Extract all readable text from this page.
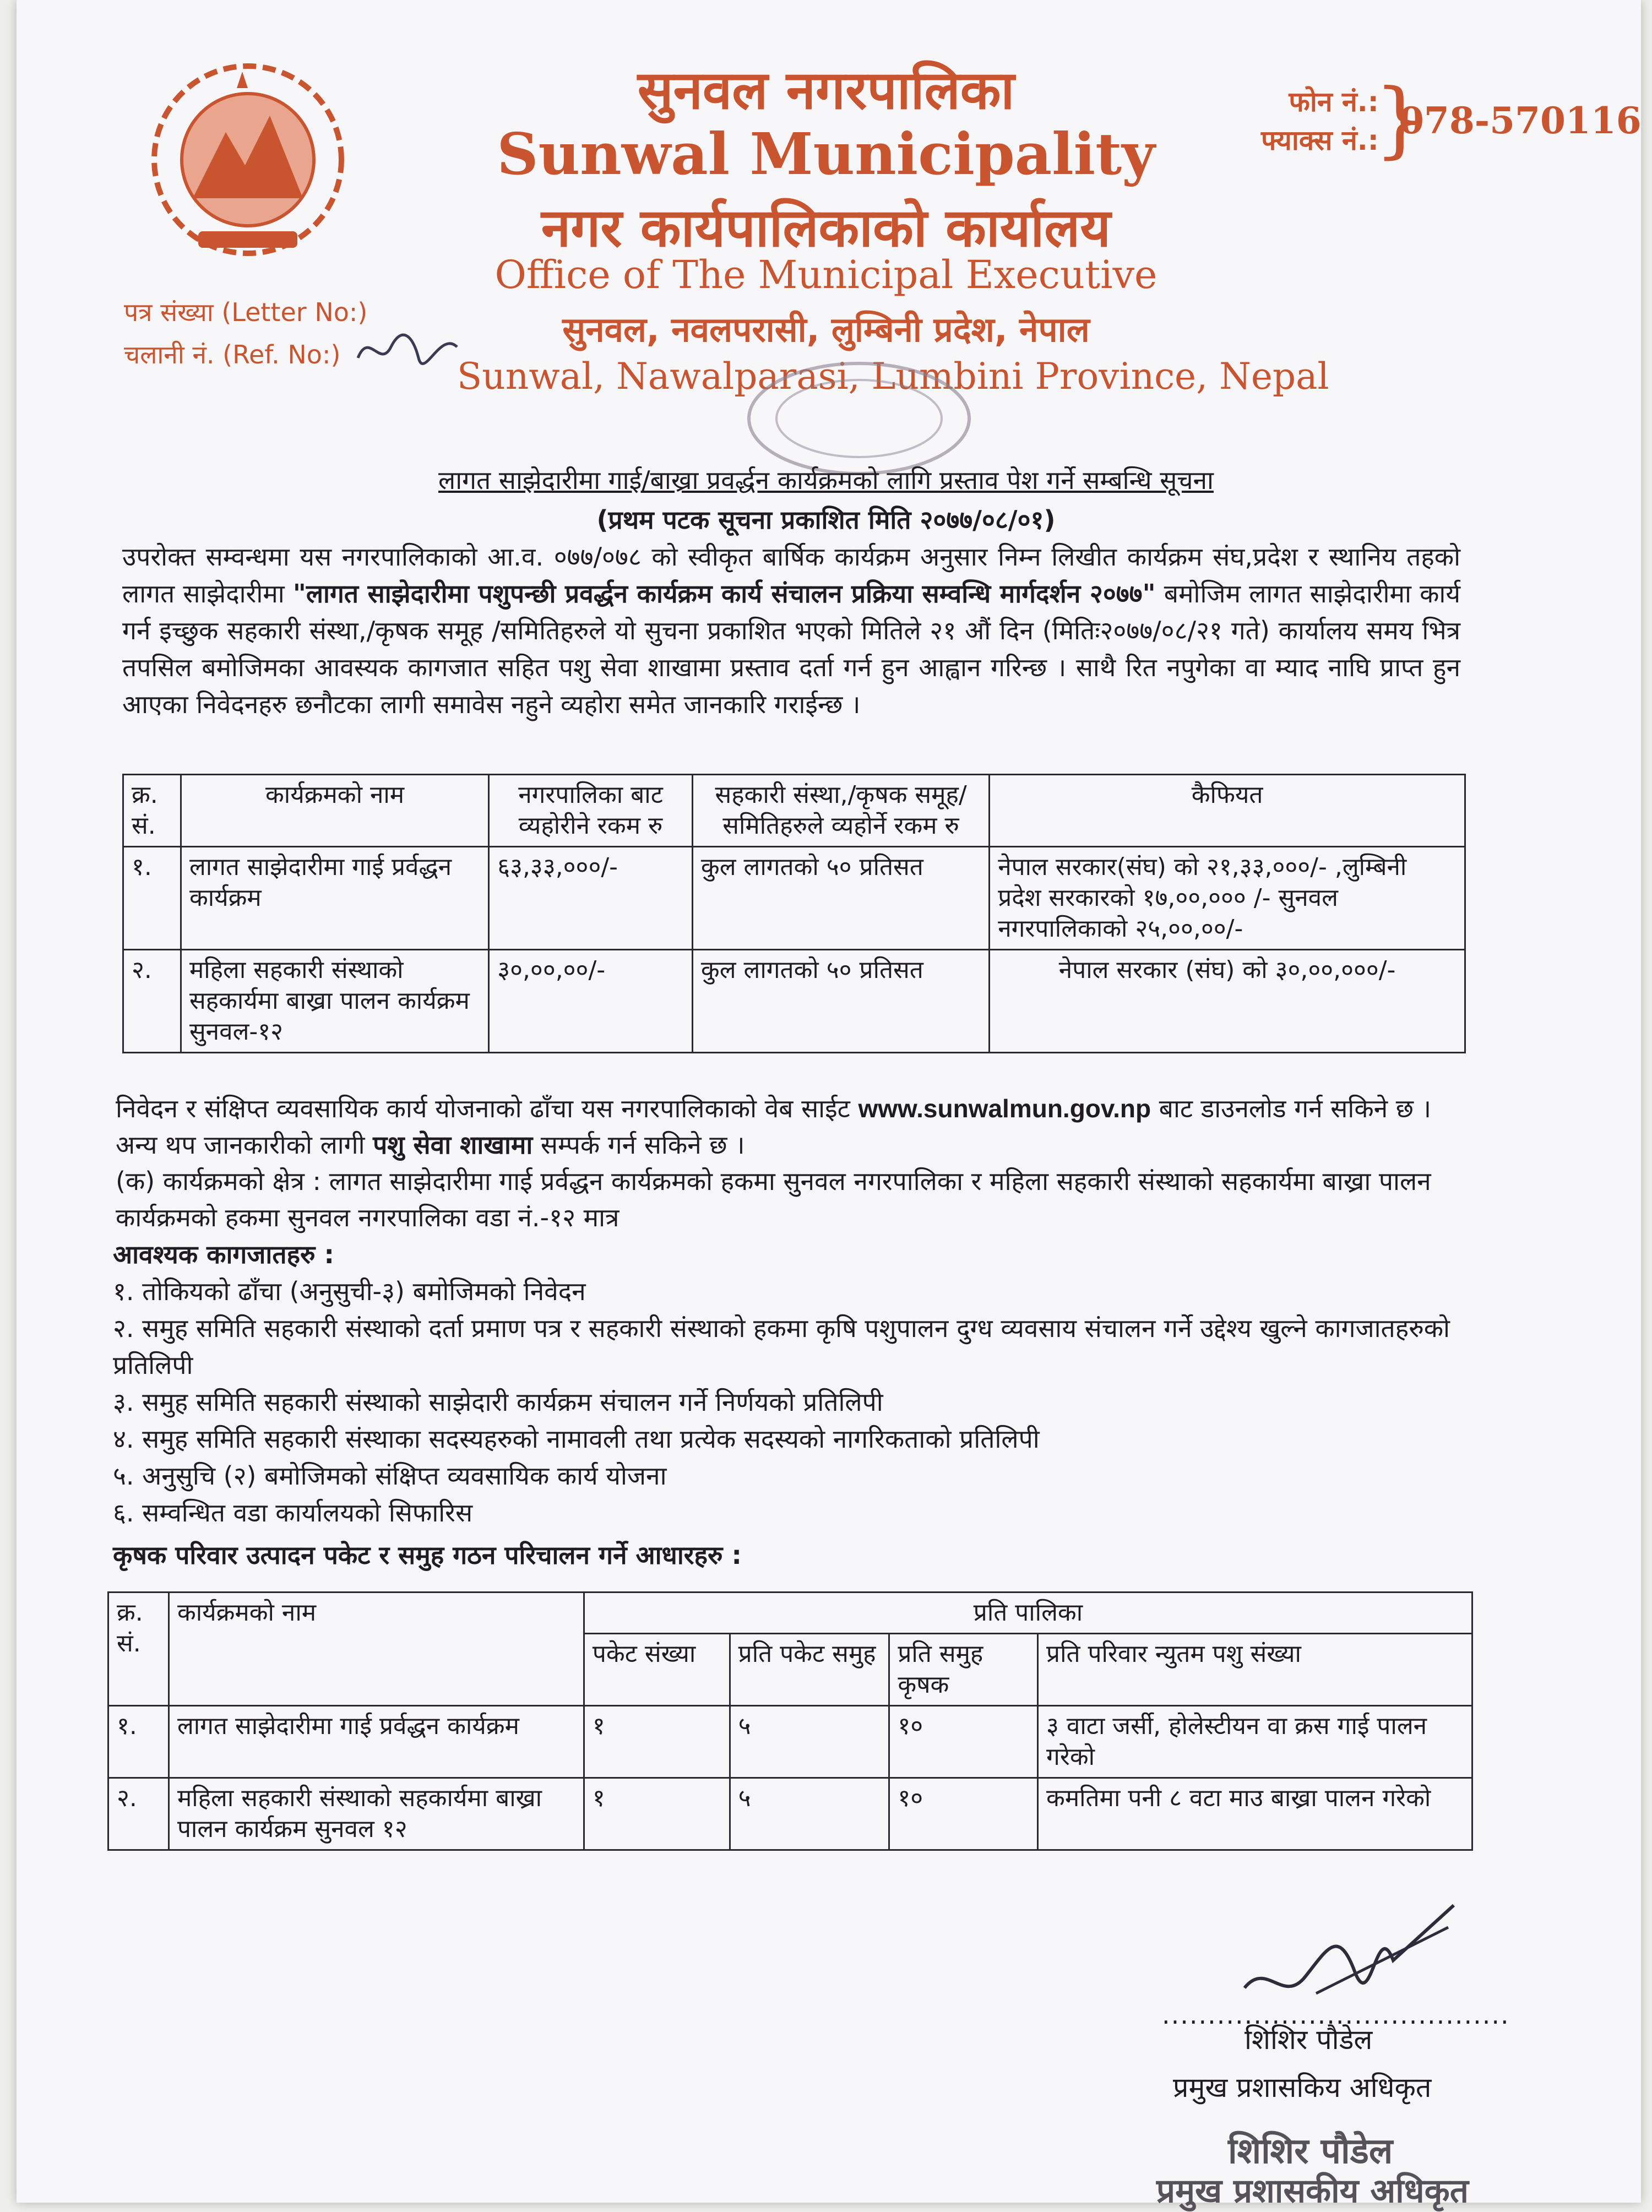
सुनवल नगरपालिका
Sunwal Municipality
नगर कार्यपालिकाको कार्यालय
Office of The Municipal Executive
सुनवल, नवलपरासी, लुम्बिनी प्रदेश, नेपाल
Sunwal, Nawalparasi, Lumbini Province, Nepal
फोन नं.:
फ्याक्स नं.:
}
078-570116
पत्र संख्या (Letter No:)
चलानी नं. (Ref. No:)
लागत साझेदारीमा गाई/बाख्रा प्रवर्द्धन कार्यक्रमको लागि प्रस्ताव पेश गर्ने सम्बन्धि सूचना
(प्रथम पटक सूचना प्रकाशित मिति २०७७/०८/०१)
उपरोक्त सम्वन्धमा यस नगरपालिकाको आ.व. ०७७/०७८ को स्वीकृत बार्षिक कार्यक्रम अनुसार निम्न लिखीत कार्यक्रम संघ,प्रदेश र स्थानिय तहको लागत साझेदारीमा "लागत साझेदारीमा पशुपन्छी प्रवर्द्धन कार्यक्रम कार्य संचालन प्रक्रिया सम्वन्धि मार्गदर्शन २०७७" बमोजिम लागत साझेदारीमा कार्य गर्न इच्छुक सहकारी संस्था,/कृषक समूह /समितिहरुले यो सुचना प्रकाशित भएको मितिले २१ औं दिन (मितिः२०७७/०८/२१ गते) कार्यालय समय भित्र तपसिल बमोजिमका आवस्यक कागजात सहित पशु सेवा शाखामा प्रस्ताव दर्ता गर्न हुन आह्वान गरिन्छ । साथै रित नपुगेका वा म्याद नाघि प्राप्त हुन आएका निवेदनहरु छनौटका लागी समावेस नहुने व्यहोरा समेत जानकारि गराईन्छ ।
क्र. सं.	कार्यक्रमको नाम	नगरपालिका बाट व्यहोरीने रकम रु	सहकारी संस्था,/कृषक समूह/समितिहरुले व्यहोर्ने रकम रु	कैफियत
१.	लागत साझेदारीमा गाई प्रर्वद्धन कार्यक्रम	६३,३३,०००/-	कुल लागतको ५० प्रतिसत	नेपाल सरकार(संघ) को २१,३३,०००/- ,लुम्बिनी प्रदेश सरकारको १७,००,००० /- सुनवल नगरपालिकाको २५,००,००/-
२.	महिला सहकारी संस्थाको सहकार्यमा बाख्रा पालन कार्यक्रम सुनवल-१२	३०,००,००/-	कुल लागतको ५० प्रतिसत	नेपाल सरकार (संघ) को ३०,००,०००/-
निवेदन र संक्षिप्त व्यवसायिक कार्य योजनाको ढाँचा यस नगरपालिकाको वेब साईट www.sunwalmun.gov.np बाट डाउनलोड गर्न सकिने छ । अन्य थप जानकारीको लागी पशु सेवा शाखामा सम्पर्क गर्न सकिने छ ।
(क) कार्यक्रमको क्षेत्र : लागत साझेदारीमा गाई प्रर्वद्धन कार्यक्रमको हकमा सुनवल नगरपालिका र महिला सहकारी संस्थाको सहकार्यमा बाख्रा पालन कार्यक्रमको हकमा सुनवल नगरपालिका वडा नं.-१२ मात्र
आवश्यक कागजातहरु :
१. तोकियको ढाँचा (अनुसुची-३) बमोजिमको निवेदन
२. समुह समिति सहकारी संस्थाको दर्ता प्रमाण पत्र र सहकारी संस्थाको हकमा कृषि पशुपालन दुग्ध व्यवसाय संचालन गर्ने उद्देश्य खुल्ने कागजातहरुको प्रतिलिपी
३. समुह समिति सहकारी संस्थाको साझेदारी कार्यक्रम संचालन गर्ने निर्णयको प्रतिलिपी
४. समुह समिति सहकारी संस्थाका सदस्यहरुको नामावली तथा प्रत्येक सदस्यको नागरिकताको प्रतिलिपी
५. अनुसुचि (२) बमोजिमको संक्षिप्त व्यवसायिक कार्य योजना
६. सम्वन्धित वडा कार्यालयको सिफारिस
कृषक परिवार उत्पादन पकेट र समुह गठन परिचालन गर्ने आधारहरु :
क्र. सं.	कार्यक्रमको नाम	प्रति पालिका			
		पकेट संख्या	प्रति पकेट समुह	प्रति समुह कृषक	प्रति परिवार न्युतम पशु संख्या
१.	लागत साझेदारीमा गाई प्रर्वद्धन कार्यक्रम	१	५	१०	३ वाटा जर्सी, होलेस्टीयन वा क्रस गाई पालन गरेको
२.	महिला सहकारी संस्थाको सहकार्यमा बाख्रा पालन कार्यक्रम सुनवल १२	१	५	१०	कमतिमा पनी ८ वटा माउ बाख्रा पालन गरेको
......................................
शिशिर पौडेल
प्रमुख प्रशासकिय अधिकृत
शिशिर पौडेल
प्रमुख प्रशासकीय अधिकृत
